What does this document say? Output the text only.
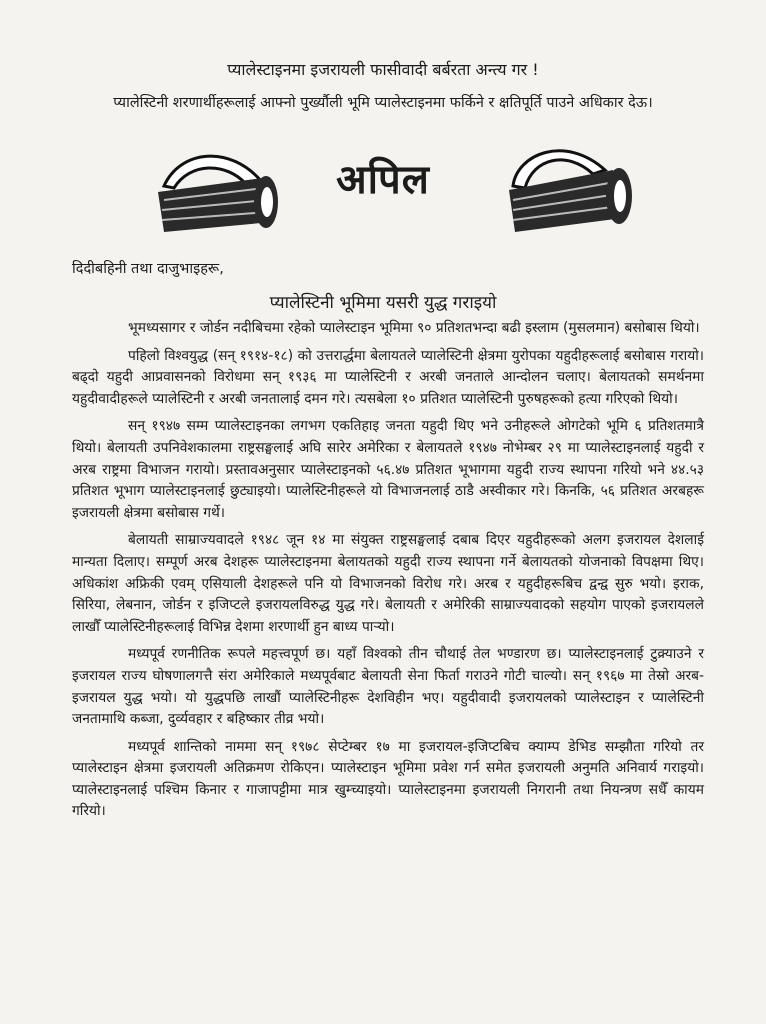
प्यालेस्टाइनमा इजरायली फासीवादी बर्बरता अन्त्य गर !
प्यालेस्टिनी शरणार्थीहरूलाई आफ्नो पुर्ख्यौली भूमि प्यालेस्टाइनमा फर्किने र क्षतिपूर्ति पाउने अधिकार देऊ।
अपिल
दिदीबहिनी तथा दाजुभाइहरू,
प्यालेस्टिनी भूमिमा यसरी युद्ध गराइयो

भूमध्यसागर र जोर्डन नदीबिचमा रहेको प्यालेस्टाइन भूमिमा ९० प्रतिशतभन्दा बढी इस्लाम (मुसलमान) बसोबास थियो।

पहिलो विश्वयुद्ध (सन् १९१४-१८) को उत्तरार्द्धमा बेलायतले प्यालेस्टिनी क्षेत्रमा युरोपका यहुदीहरूलाई बसोबास गरायो। बढ्दो यहुदी आप्रवासनको विरोधमा सन् १९३६ मा प्यालेस्टिनी र अरबी जनताले आन्दोलन चलाए। बेलायतको समर्थनमा यहुदीवादीहरूले प्यालेस्टिनी र अरबी जनतालाई दमन गरे। त्यसबेला १० प्रतिशत प्यालेस्टिनी पुरुषहरूको हत्या गरिएको थियो।

सन् १९४७ सम्म प्यालेस्टाइनका लगभग एकतिहाइ जनता यहुदी थिए भने उनीहरूले ओगटेको भूमि ६ प्रतिशतमात्रै थियो। बेलायती उपनिवेशकालमा राष्ट्रसङ्घलाई अघि सारेर अमेरिका र बेलायतले १९४७ नोभेम्बर २९ मा प्यालेस्टाइनलाई यहुदी र अरब राष्ट्रमा विभाजन गरायो। प्रस्तावअनुसार प्यालेस्टाइनको ५६.४७ प्रतिशत भूभागमा यहुदी राज्य स्थापना गरियो भने ४४.५३ प्रतिशत भूभाग प्यालेस्टाइनलाई छुट्याइयो। प्यालेस्टिनीहरूले यो विभाजनलाई ठाडै अस्वीकार गरे। किनकि, ५६ प्रतिशत अरबहरू इजरायली क्षेत्रमा बसोबास गर्थे।

बेलायती साम्राज्यवादले १९४८ जून १४ मा संयुक्त राष्ट्रसङ्घलाई दबाब दिएर यहुदीहरूको अलग इजरायल देशलाई मान्यता दिलाए। सम्पूर्ण अरब देशहरू प्यालेस्टाइनमा बेलायतको यहुदी राज्य स्थापना गर्ने बेलायतको योजनाको विपक्षमा थिए। अधिकांश अफ्रिकी एवम् एसियाली देशहरूले पनि यो विभाजनको विरोध गरे। अरब र यहुदीहरूबिच द्वन्द्व सुरु भयो। इराक, सिरिया, लेबनान, जोर्डन र इजिप्टले इजरायलविरुद्ध युद्ध गरे। बेलायती र अमेरिकी साम्राज्यवादको सहयोग पाएको इजरायलले लाखौँ प्यालेस्टिनीहरूलाई विभिन्न देशमा शरणार्थी हुन बाध्य पार्‍यो।

मध्यपूर्व रणनीतिक रूपले महत्त्वपूर्ण छ। यहाँ विश्वको तीन चौथाई तेल भण्डारण छ। प्यालेस्टाइनलाई टुक्र्याउने र इजरायल राज्य घोषणालगत्तै संरा अमेरिकाले मध्यपूर्वबाट बेलायती सेना फिर्ता गराउने गोटी चाल्यो। सन् १९६७ मा तेस्रो अरब-इजरायल युद्ध भयो। यो युद्धपछि लाखौं प्यालेस्टिनीहरू देशविहीन भए। यहुदीवादी इजरायलको प्यालेस्टाइन र प्यालेस्टिनी जनतामाथि कब्जा, दुर्व्यवहार र बहिष्कार तीव्र भयो।

मध्यपूर्व शान्तिको नाममा सन् १९७८ सेप्टेम्बर १७ मा इजरायल-इजिप्टबिच क्याम्प डेभिड सम्झौता गरियो तर प्यालेस्टाइन क्षेत्रमा इजरायली अतिक्रमण रोकिएन। प्यालेस्टाइन भूमिमा प्रवेश गर्न समेत इजरायली अनुमति अनिवार्य गराइयो। प्यालेस्टाइनलाई पश्चिम किनार र गाजापट्टीमा मात्र खुम्च्याइयो। प्यालेस्टाइनमा इजरायली निगरानी तथा नियन्त्रण सधैँ कायम गरियो।
